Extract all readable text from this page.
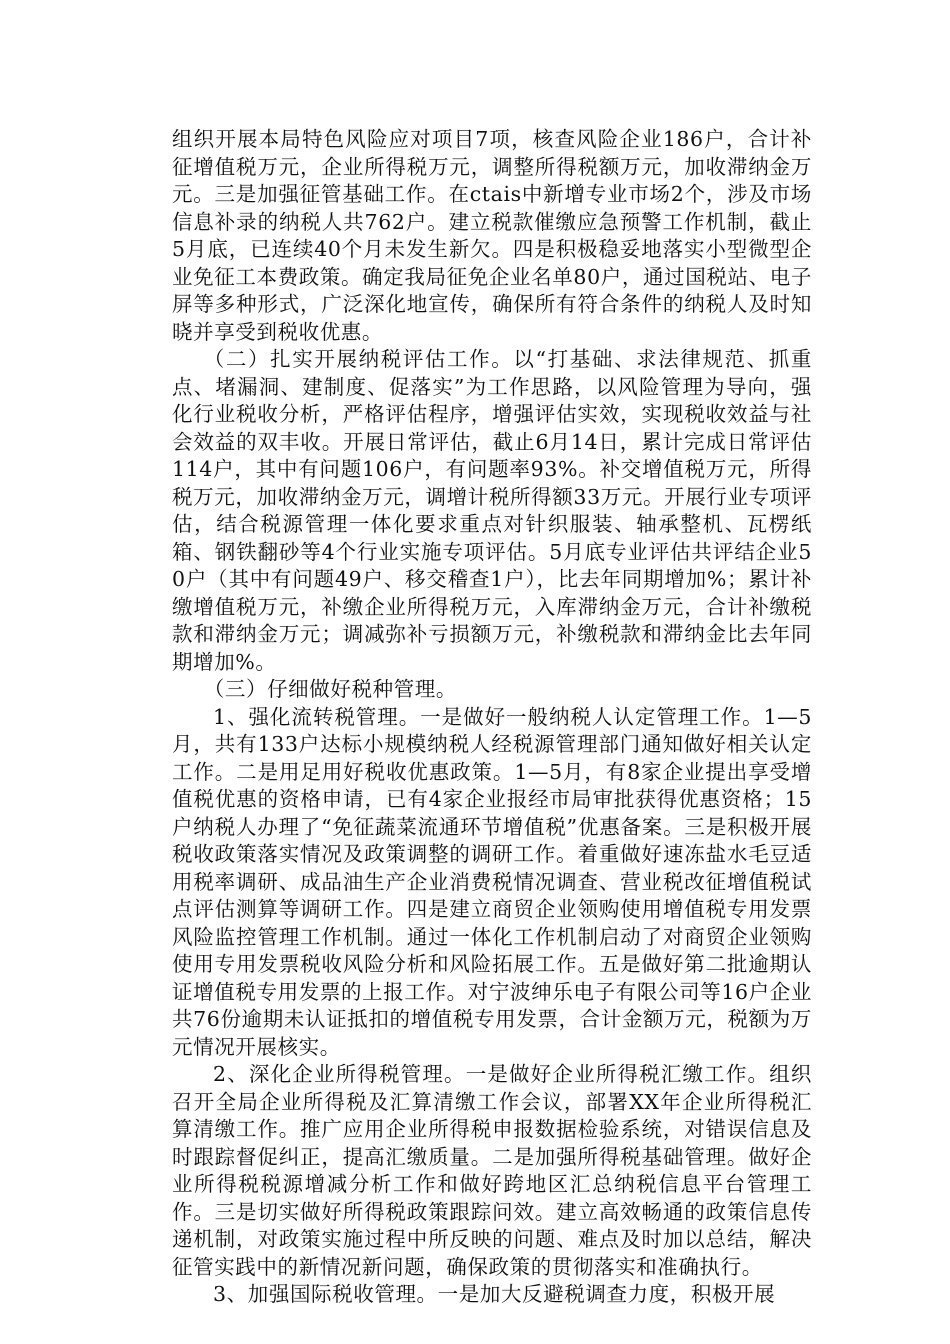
组织开展本局特色风险应对项目7项，核查风险企业186户，合计补征增值税万元，企业所得税万元，调整所得税额万元，加收滞纳金万元。三是加强征管基础工作。在ctais中新增专业市场2个，涉及市场信息补录的纳税人共762户。建立税款催缴应急预警工作机制，截止5月底，已连续40个月未发生新欠。四是积极稳妥地落实小型微型企业免征工本费政策。确定我局征免企业名单80户，通过国税站、电子屏等多种形式，广泛深化地宣传，确保所有符合条件的纳税人及时知晓并享受到税收优惠。

（二）扎实开展纳税评估工作。以“打基础、求法律规范、抓重点、堵漏洞、建制度、促落实”为工作思路，以风险管理为导向，强化行业税收分析，严格评估程序，增强评估实效，实现税收效益与社会效益的双丰收。开展日常评估，截止6月14日，累计完成日常评估114户，其中有问题106户，有问题率93%。补交增值税万元，所得税万元，加收滞纳金万元，调增计税所得额33万元。开展行业专项评估，结合税源管理一体化要求重点对针织服装、轴承整机、瓦楞纸箱、钢铁翻砂等4个行业实施专项评估。5月底专业评估共评结企业50户（其中有问题49户、移交稽查1户），比去年同期增加%；累计补缴增值税万元，补缴企业所得税万元，入库滞纳金万元，合计补缴税款和滞纳金万元；调减弥补亏损额万元，补缴税款和滞纳金比去年同期增加%。

（三）仔细做好税种管理。

1、强化流转税管理。一是做好一般纳税人认定管理工作。1—5月，共有133户达标小规模纳税人经税源管理部门通知做好相关认定工作。二是用足用好税收优惠政策。1—5月，有8家企业提出享受增值税优惠的资格申请，已有4家企业报经市局审批获得优惠资格；15户纳税人办理了“免征蔬菜流通环节增值税”优惠备案。三是积极开展税收政策落实情况及政策调整的调研工作。着重做好速冻盐水毛豆适用税率调研、成品油生产企业消费税情况调查、营业税改征增值税试点评估测算等调研工作。四是建立商贸企业领购使用增值税专用发票风险监控管理工作机制。通过一体化工作机制启动了对商贸企业领购使用专用发票税收风险分析和风险拓展工作。五是做好第二批逾期认证增值税专用发票的上报工作。对宁波绅乐电子有限公司等16户企业共76份逾期未认证抵扣的增值税专用发票，合计金额万元，税额为万元情况开展核实。

2、深化企业所得税管理。一是做好企业所得税汇缴工作。组织召开全局企业所得税及汇算清缴工作会议，部署XX年企业所得税汇算清缴工作。推广应用企业所得税申报数据检验系统，对错误信息及时跟踪督促纠正，提高汇缴质量。二是加强所得税基础管理。做好企业所得税税源增减分析工作和做好跨地区汇总纳税信息平台管理工作。三是切实做好所得税政策跟踪问效。建立高效畅通的政策信息传递机制，对政策实施过程中所反映的问题、难点及时加以总结，解决征管实践中的新情况新问题，确保政策的贯彻落实和准确执行。

3、加强国际税收管理。一是加大反避税调查力度，积极开展
